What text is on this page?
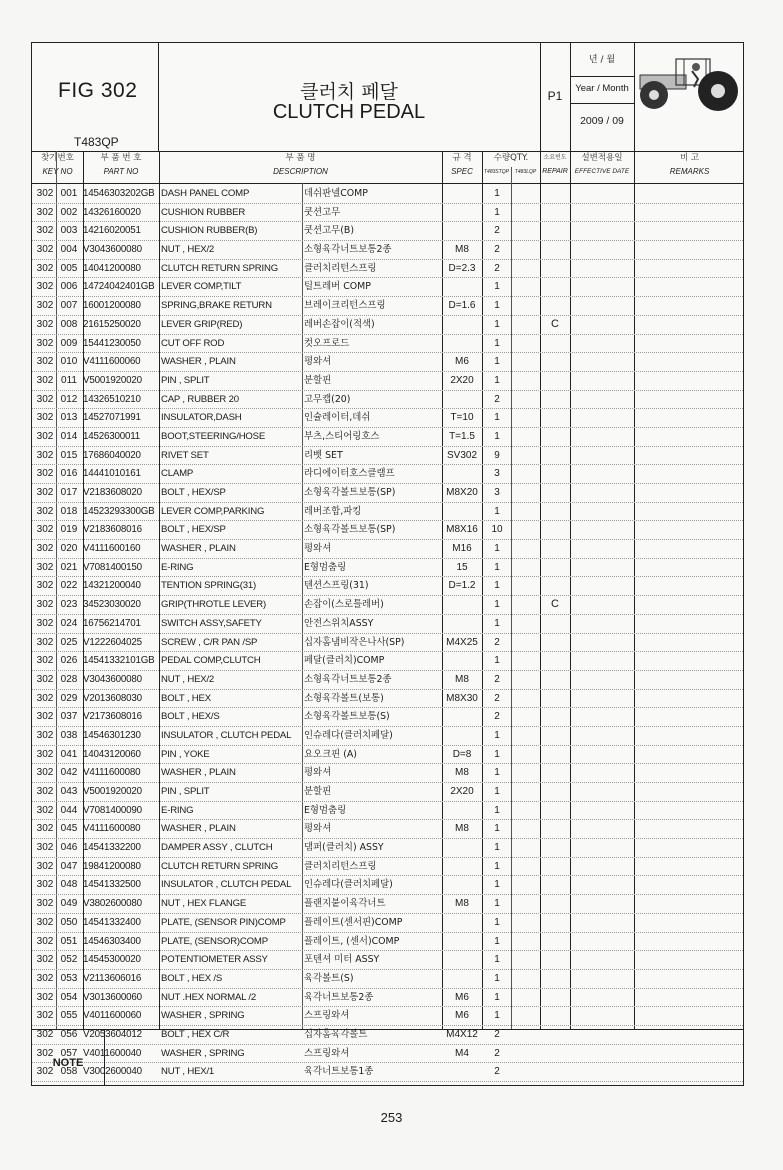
FIG 302
T483QP
클러치 페달
CLUTCH PEDAL
P1
년 / 월
Year / Month
2009 / 09
찾기번호
KEY NO
부 품 번 호
PART NO
부 품 명
DESCRIPTION
규 격
SPEC
수량QTY.
T483STQP	T483LQP
소요빈도
REPAIR
설변적용일
EFFECTIVE DATE
비 고
REMARKS
302 001 14546303202GB DASH PANEL COMP	데쉬판넬COMP	1
302 002 14326160020	CUSHION RUBBER	쿳션고무	1
302 003 14216020051	CUSHION RUBBER(B)	쿳션고무(B)	2
302 004 V3043600080	NUT , HEX/2	소형육각너트보통2종	M8	2
302 005 14041200080	CLUTCH RETURN SPRING	클러치리턴스프링	D=2.3	2
302 006 14724042401GB LEVER COMP,TILT	틸트레버 COMP	1
302 007 16001200080	SPRING,BRAKE RETURN	브레이크리턴스프링	D=1.6	1
302 008 21615250020	LEVER GRIP(RED)	레버손잡이(적색)	1	C
302 009 15441230050	CUT OFF ROD	컷오프로드	1
302 010 V4111600060	WASHER , PLAIN	평와셔	M6	1
302 011 V5001920020	PIN , SPLIT	분할핀	2X20	1
302 012 14326510210	CAP , RUBBER 20	고무캡(20)	2
302 013 14527071991	INSULATOR,DASH	인슐레이터,데쉬	T=10	1
302 014 14526300011	BOOT,STEERING/HOSE	부츠,스티어링호스	T=1.5	1
302 015 17686040020	RIVET SET	리벳 SET	SV302	9
302 016 14441010161	CLAMP	라디에이터호스클램프	3
302 017 V2183608020	BOLT , HEX/SP	소형육각볼트보통(SP)	M8X20	3
302 018 14523293300GB LEVER COMP,PARKING	레버조합,파킹	1
302 019 V2183608016	BOLT , HEX/SP	소형육각볼트보통(SP)	M8X16	10
302 020 V4111600160	WASHER , PLAIN	평와셔	M16	1
302 021 V7081400150	E-RING	E형멈춤링	15	1
302 022 14321200040	TENTION SPRING(31)	텐션스프링(31)	D=1.2	1
302 023 34523030020	GRIP(THROTLE LEVER)	손잡이(스로틀레버)	1	C
302 024 16756214701	SWITCH ASSY,SAFETY	안전스위치ASSY	1
302 025 V1222604025	SCREW , C/R PAN /SP	십자홈냄비작은나사(SP)	M4X25	2
302 026 14541332101GB PEDAL COMP,CLUTCH	페달(클러치)COMP	1
302 028 V3043600080	NUT , HEX/2	소형육각너트보통2종	M8	2
302 029 V2013608030	BOLT , HEX	소형육각볼트(보통)	M8X30	2
302 037 V2173608016	BOLT , HEX/S	소형육각볼트보통(S)	2
302 038 14546301230	INSULATOR , CLUTCH PEDAL	인슈레다(클러치페달)	1
302 041 14043120060	PIN , YOKE	요오크핀 (A)	D=8	1
302 042 V4111600080	WASHER , PLAIN	평와셔	M8	1
302 043 V5001920020	PIN , SPLIT	분할핀	2X20	1
302 044 V7081400090	E-RING	E형멈춤링	1
302 045 V4111600080	WASHER , PLAIN	평와셔	M8	1
302 046 14541332200	DAMPER ASSY , CLUTCH	댐퍼(클러치) ASSY	1
302 047 19841200080	CLUTCH RETURN SPRING	클러치리턴스프링	1
302 048 14541332500	INSULATOR , CLUTCH PEDAL	인슈레다(클러치페달)	1
302 049 V3802600080	NUT , HEX FLANGE	플랜지붙이육각너트	M8	1
302 050 14541332400	PLATE, (SENSOR PIN)COMP	플레이트(센서핀)COMP	1
302 051 14546303400	PLATE, (SENSOR)COMP	플레이트, (센서)COMP	1
302 052 14545300020	POTENTIOMETER ASSY	포텐셔 미터 ASSY	1
302 053 V2113606016	BOLT , HEX /S	육각볼트(S)	1
302 054 V3013600060	NUT .HEX NORMAL /2	육각너트보통2종	M6	1
302 055 V4011600060	WASHER , SPRING	스프링와셔	M6	1
302 056 V2053604012	BOLT , HEX C/R	십자홈육각볼트	M4X12	2
302 057 V4011600040	WASHER , SPRING	스프링와셔	M4	2
302 058 V3002600040	NUT , HEX/1	육각너트보통1종	2
NOTE
253
